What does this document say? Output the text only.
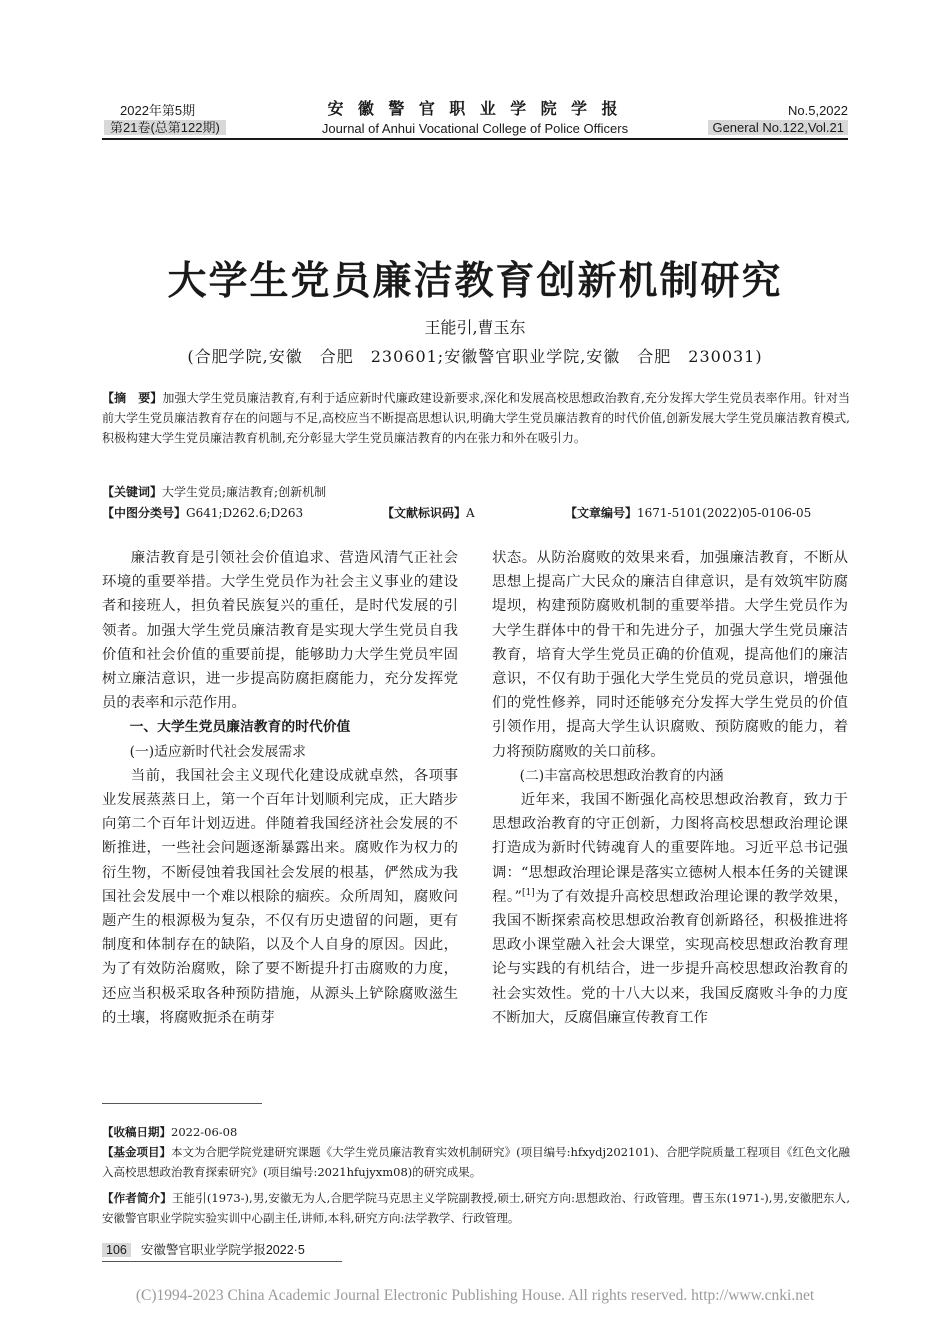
2022年第5期
第21卷(总第122期)
安 徽 警 官 职 业 学 院 学 报
Journal of Anhui Vocational College of Police Officers
No.5,2022
General No.122,Vol.21
大学生党员廉洁教育创新机制研究
王能引,曹玉东
(合肥学院,安徽　合肥　230601;安徽警官职业学院,安徽　合肥　230031)
【摘　要】加强大学生党员廉洁教育,有利于适应新时代廉政建设新要求,深化和发展高校思想政治教育,充分发挥大学生党员表率作用。针对当前大学生党员廉洁教育存在的问题与不足,高校应当不断提高思想认识,明确大学生党员廉洁教育的时代价值,创新发展大学生党员廉洁教育模式,积极构建大学生党员廉洁教育机制,充分彰显大学生党员廉洁教育的内在张力和外在吸引力。
【关键词】大学生党员;廉洁教育;创新机制
【中图分类号】G641;D262.6;D263	【文献标识码】A	【文章编号】1671-5101(2022)05-0106-05

廉洁教育是引领社会价值追求、营造风清气正社会环境的重要举措。大学生党员作为社会主义事业的建设者和接班人，担负着民族复兴的重任，是时代发展的引领者。加强大学生党员廉洁教育是实现大学生党员自我价值和社会价值的重要前提，能够助力大学生党员牢固树立廉洁意识，进一步提高防腐拒腐能力，充分发挥党员的表率和示范作用。

一、大学生党员廉洁教育的时代价值
(一)适应新时代社会发展需求

当前，我国社会主义现代化建设成就卓然，各项事业发展蒸蒸日上，第一个百年计划顺利完成，正大踏步向第二个百年计划迈进。伴随着我国经济社会发展的不断推进，一些社会问题逐渐暴露出来。腐败作为权力的衍生物，不断侵蚀着我国社会发展的根基，俨然成为我国社会发展中一个难以根除的痼疾。众所周知，腐败问题产生的根源极为复杂，不仅有历史遗留的问题，更有制度和体制存在的缺陷，以及个人自身的原因。因此，为了有效防治腐败，除了要不断提升打击腐败的力度，还应当积极采取各种预防措施，从源头上铲除腐败滋生的土壤，将腐败扼杀在萌芽

状态。从防治腐败的效果来看，加强廉洁教育，不断从思想上提高广大民众的廉洁自律意识，是有效筑牢防腐堤坝，构建预防腐败机制的重要举措。大学生党员作为大学生群体中的骨干和先进分子，加强大学生党员廉洁教育，培育大学生党员正确的价值观，提高他们的廉洁意识，不仅有助于强化大学生党员的党员意识，增强他们的党性修养，同时还能够充分发挥大学生党员的价值引领作用，提高大学生认识腐败、预防腐败的能力，着力将预防腐败的关口前移。

(二)丰富高校思想政治教育的内涵

近年来，我国不断强化高校思想政治教育，致力于思想政治教育的守正创新，力图将高校思想政治理论课打造成为新时代铸魂育人的重要阵地。习近平总书记强调：“思想政治理论课是落实立德树人根本任务的关键课程。”[1]为了有效提升高校思想政治理论课的教学效果，我国不断探索高校思想政治教育创新路径，积极推进将思政小课堂融入社会大课堂，实现高校思想政治教育理论与实践的有机结合，进一步提升高校思想政治教育的社会实效性。党的十八大以来，我国反腐败斗争的力度不断加大，反腐倡廉宣传教育工作

【收稿日期】2022-06-08
【基金项目】本文为合肥学院党建研究课题《大学生党员廉洁教育实效机制研究》(项目编号:hfxydj202101)、合肥学院质量工程项目《红色文化融入高校思想政治教育探索研究》(项目编号:2021hfujyxm08)的研究成果。
【作者简介】王能引(1973-),男,安徽无为人,合肥学院马克思主义学院副教授,硕士,研究方向:思想政治、行政管理。曹玉东(1971-),男,安徽肥东人,安徽警官职业学院实验实训中心副主任,讲师,本科,研究方向:法学教学、行政管理。
106 安徽警官职业学院学报2022·5
(C)1994-2023 China Academic Journal Electronic Publishing House. All rights reserved. http://www.cnki.net
